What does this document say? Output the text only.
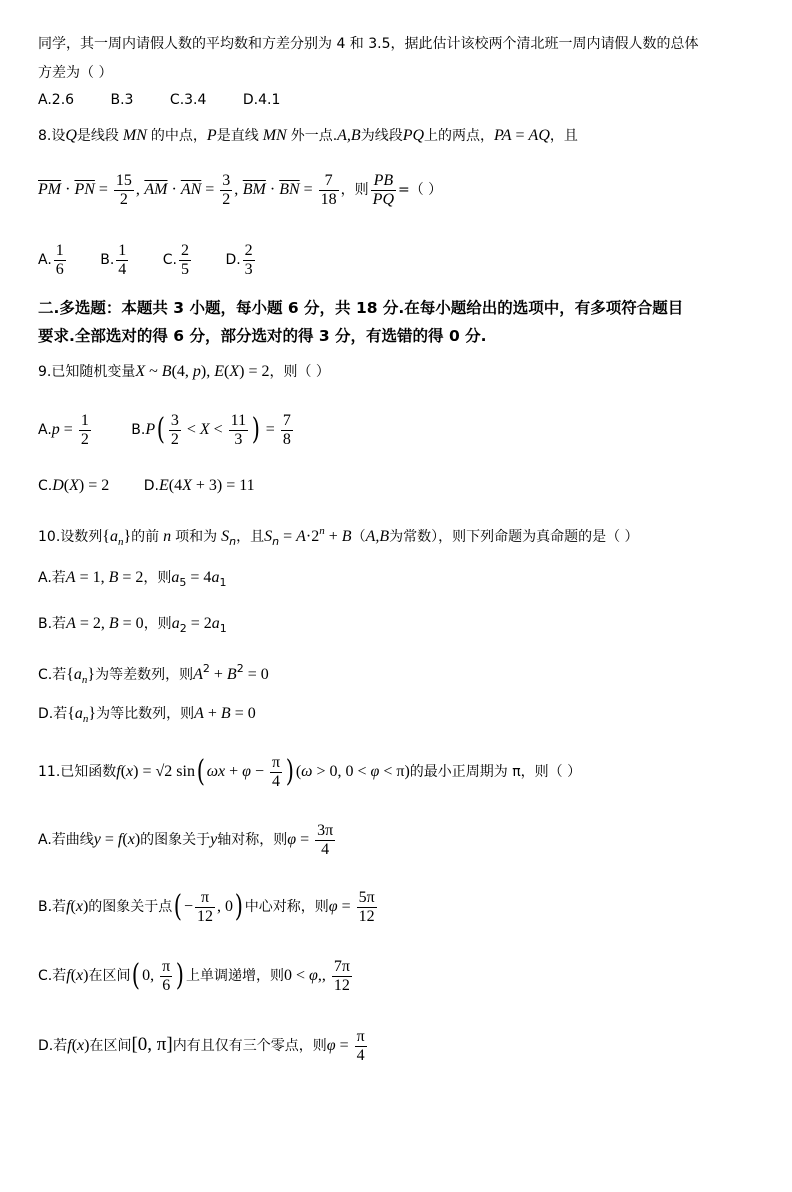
同学，其一周内请假人数的平均数和方差分别为 4 和 3.5，据此估计该校两个清北班一周内请假人数的总体
方差为（ ）
A.2.6	B.3	C.3.4	D.4.1
8.设Q是线段 MN 的中点，P是直线 MN 外一点.A,B为线段PQ上的两点，PA = AQ，且
$\overline{PM} \cdot \overline{PN} = \frac{15}{2}$ , $\overline{AM} \cdot \overline{AN} = \frac{3}{2}$ , $\overline{BM} \cdot \overline{BN} = \frac{7}{18}$ ，则 $\frac{PB}{PQ}$ =（ ）
A. $\frac{1}{6} B$. $\frac{1}{4} C$. $\frac{2}{5} D$. $\frac{2}{3}$
二.多选题：本题共 3 小题，每小题 6 分，共 18 分.在每小题给出的选项中，有多项符合题目
要求.全部选对的得 6 分，部分选对的得 3 分，有选错的得 0 分.
9.已知随机变量X ~ B(4, p), E(X) = 2，则（ ）
$A.p = \frac{1}{2}$	$B.P( \frac{3}{2} < X < \frac{11}{3}$ ) = $\frac{7}{8}$
C.D(X) = 2 D.E(4X + 3) = 11
10.设数列$\{a_n\}$的前 n 项和为 $S_n$，且$S_n = A\cdot 2^n + B(A,B$为常数），则下列命题为真命题的是（ ）
A.若A = 1, B = 2，则$a_5 = 4a_1$
B.若A = 2, B = 0，则$a_2 = 2a_1$
C.若$\{a_n\}$为等差数列，则$A^2 + B^2 = 0$
D.若$\{a_n\}$为等比数列，则A + B = 0
11.已知函数f(x) = √2 sin( $\omega x + \varphi - \frac{\pi}{4}$ ) (ω > 0, 0 < φ < π)的最小正周期为 π，则（ ）
A.若曲线y = f(x)的图象关于y轴对称，则$\varphi = \frac{3\pi}{4}$
B.若f(x)的图象关于点( − $\frac{\pi}{12}$ , 0) 中心对称，则$\varphi = \frac{5\pi}{12}$
C.若f(x)在区间( 0, $\frac{\pi}{6}$ ) 上单调递增，则0 < φ,, $\frac{7\pi}{12}$
D.若f(x)在区间[0, π]内有且仅有三个零点，则$\varphi = \frac{\pi}{4}$
